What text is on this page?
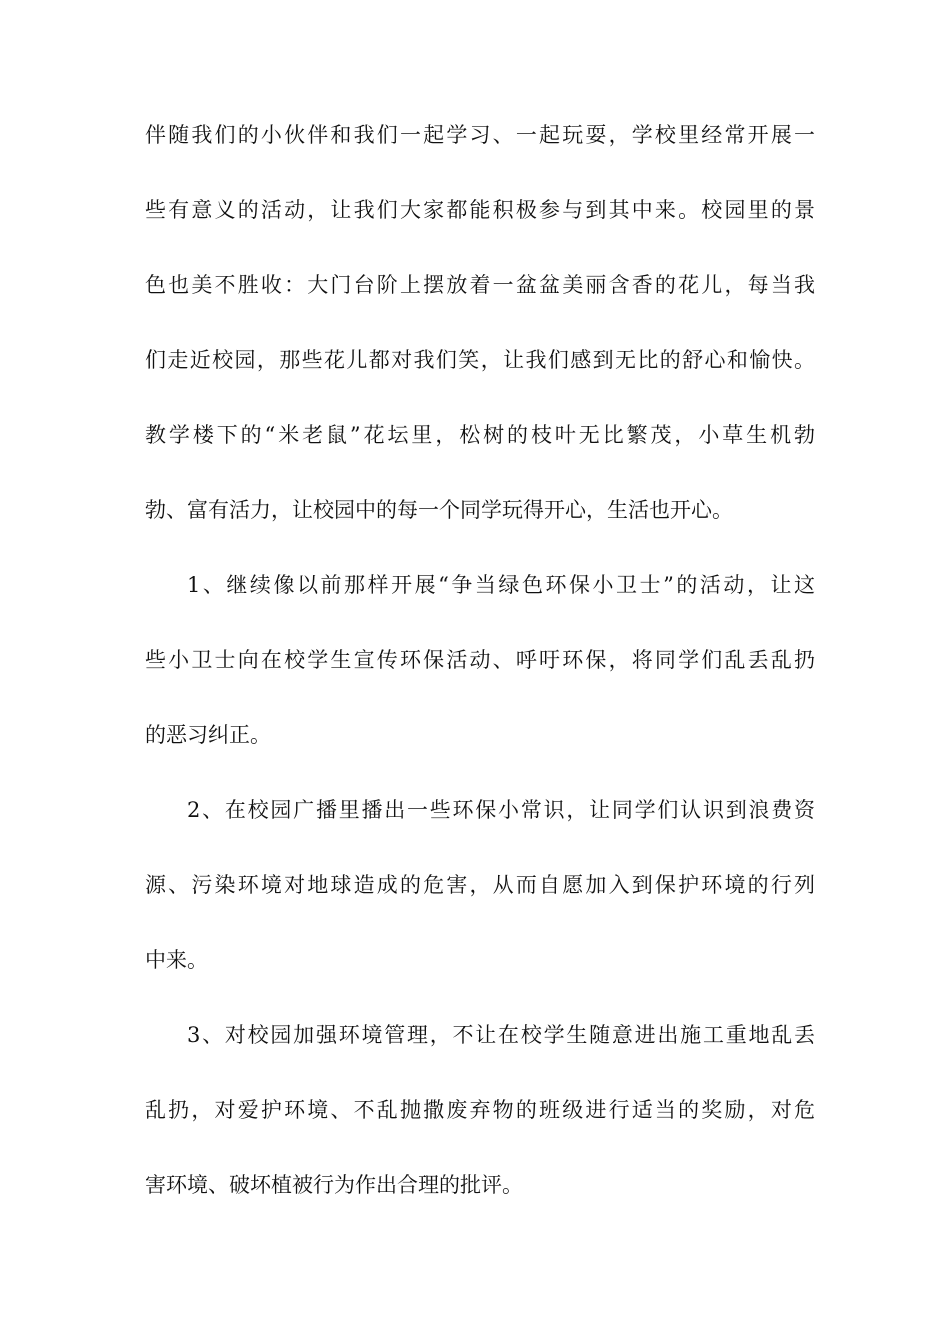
伴随我们的小伙伴和我们一起学习、一起玩耍，学校里经常开展一
些有意义的活动，让我们大家都能积极参与到其中来。校园里的景
色也美不胜收：大门台阶上摆放着一盆盆美丽含香的花儿，每当我
们走近校园，那些花儿都对我们笑，让我们感到无比的舒心和愉快。
教学楼下的“米老鼠”花坛里，松树的枝叶无比繁茂，小草生机勃
勃、富有活力，让校园中的每一个同学玩得开心，生活也开心。
1、继续像以前那样开展“争当绿色环保小卫士”的活动，让这
些小卫士向在校学生宣传环保活动、呼吁环保，将同学们乱丢乱扔
的恶习纠正。
2、在校园广播里播出一些环保小常识，让同学们认识到浪费资
源、污染环境对地球造成的危害，从而自愿加入到保护环境的行列
中来。
3、对校园加强环境管理，不让在校学生随意进出施工重地乱丢
乱扔，对爱护环境、不乱抛撒废弃物的班级进行适当的奖励，对危
害环境、破坏植被行为作出合理的批评。
